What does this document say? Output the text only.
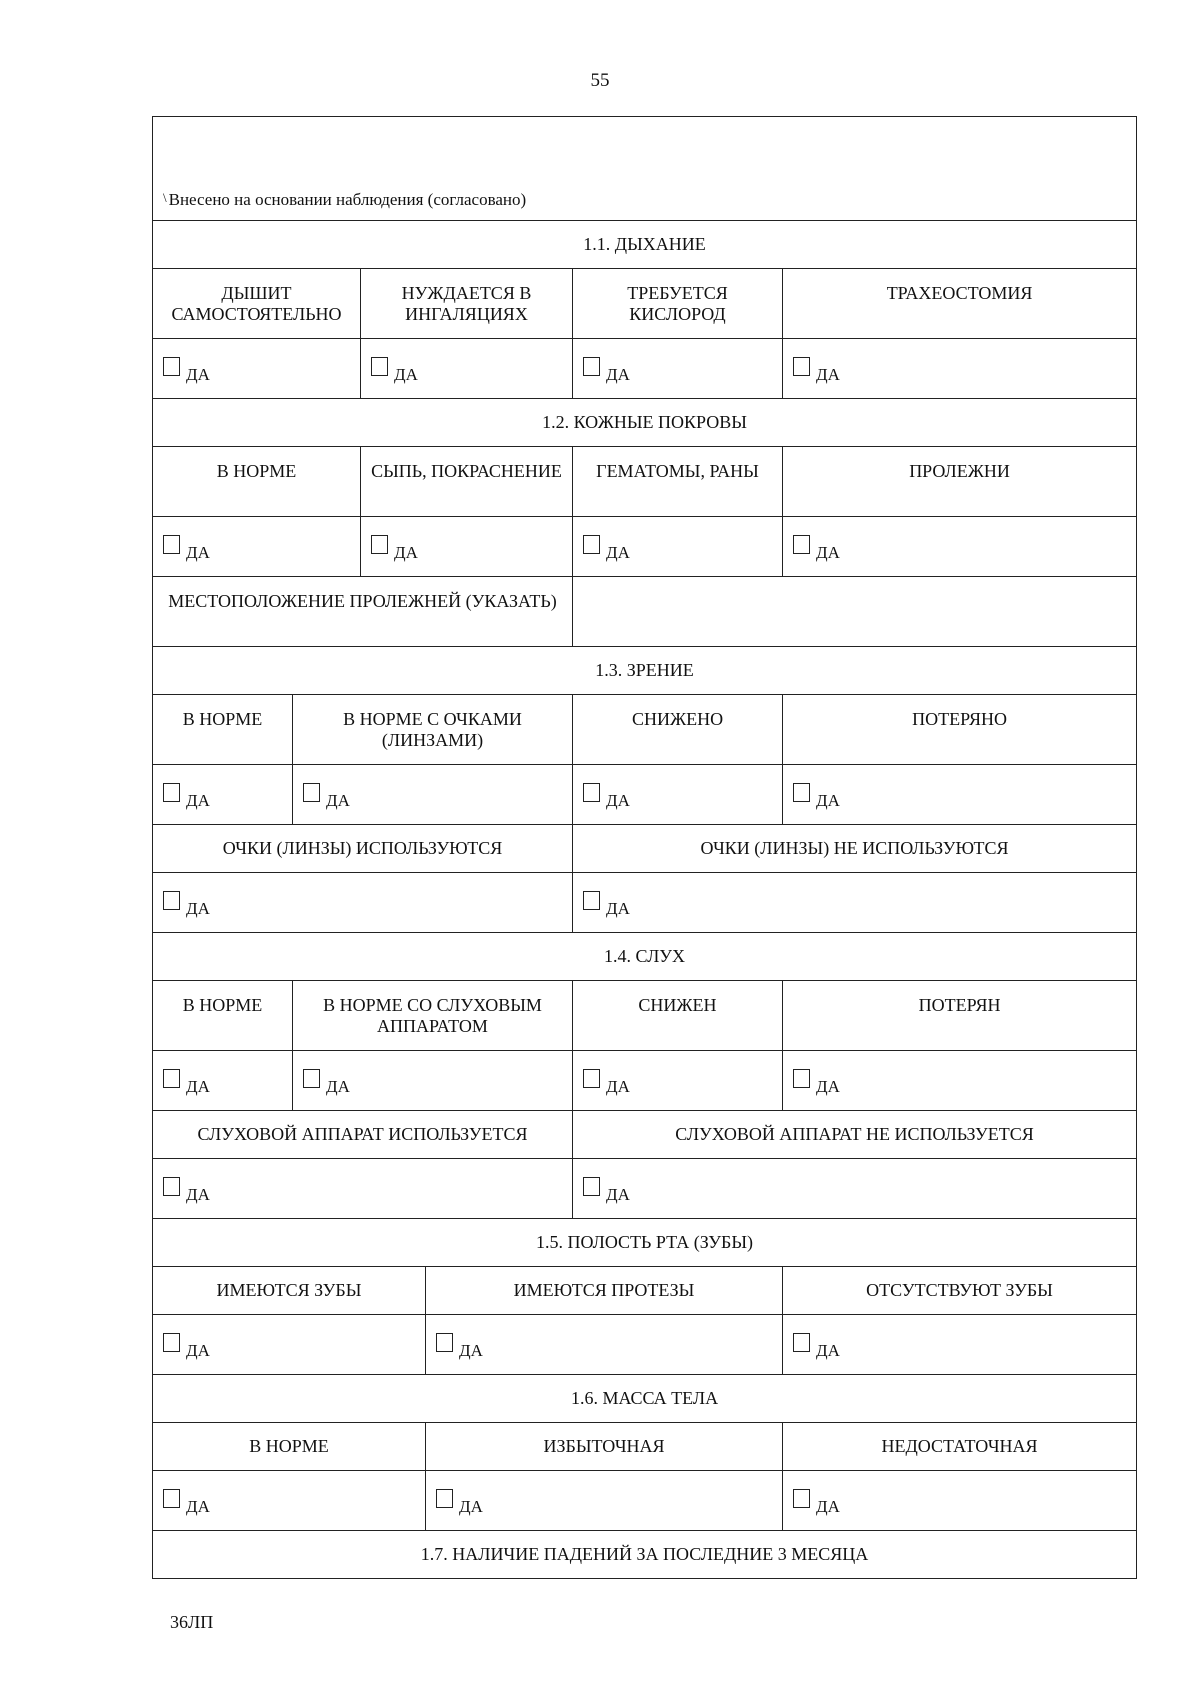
55
\ Внесено на основании наблюдения (согласовано)					
1.1. ДЫХАНИЕ					
ДЫШИТ САМОСТОЯТЕЛЬНО		НУЖДАЕТСЯ В ИНГАЛЯЦИЯХ		ТРЕБУЕТСЯ КИСЛОРОД	ТРАХЕОСТОМИЯ
ДА		ДА		ДА	ДА
1.2. КОЖНЫЕ ПОКРОВЫ					
В НОРМЕ		СЫПЬ, ПОКРАСНЕНИЕ		ГЕМАТОМЫ, РАНЫ	ПРОЛЕЖНИ
ДА		ДА		ДА	ДА
МЕСТОПОЛОЖЕНИЕ ПРОЛЕЖНЕЙ (УКАЗАТЬ)					
1.3. ЗРЕНИЕ					
В НОРМЕ	В НОРМЕ С ОЧКАМИ (ЛИНЗАМИ)			СНИЖЕНО	ПОТЕРЯНО
ДА	ДА			ДА	ДА
ОЧКИ (ЛИНЗЫ) ИСПОЛЬЗУЮТСЯ				ОЧКИ (ЛИНЗЫ) НЕ ИСПОЛЬЗУЮТСЯ	
ДА				ДА	
1.4. СЛУХ					
В НОРМЕ	В НОРМЕ СО СЛУХОВЫМ АППАРАТОМ			СНИЖЕН	ПОТЕРЯН
ДА	ДА			ДА	ДА
СЛУХОВОЙ АППАРАТ ИСПОЛЬЗУЕТСЯ				СЛУХОВОЙ АППАРАТ НЕ ИСПОЛЬЗУЕТСЯ	
ДА				ДА	
1.5. ПОЛОСТЬ РТА (ЗУБЫ)					
ИМЕЮТСЯ ЗУБЫ			ИМЕЮТСЯ ПРОТЕЗЫ		ОТСУТСТВУЮТ ЗУБЫ
ДА			ДА		ДА
1.6. МАССА ТЕЛА					
В НОРМЕ			ИЗБЫТОЧНАЯ		НЕДОСТАТОЧНАЯ
ДА			ДА		ДА
1.7. НАЛИЧИЕ ПАДЕНИЙ ЗА ПОСЛЕДНИЕ 3 МЕСЯЦА					
36ЛП
